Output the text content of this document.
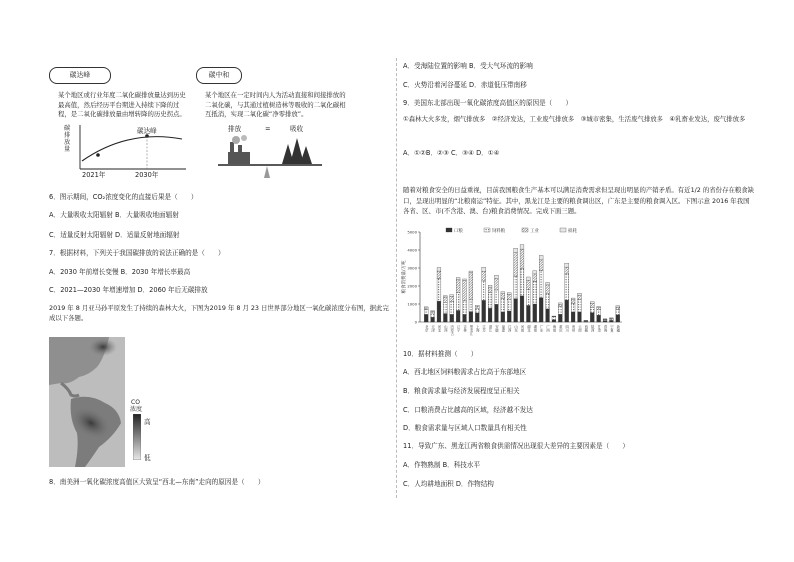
碳达峰	碳中和
某个地区或行业年度二氧化碳排放量达到历史最高值，然后经历平台期进入持续下降的过程，是二氧化碳排放量由增转降的历史拐点。
某个地区在一定时间内人为活动直接和间接排放的二氧化碳，与其通过植树造林等吸收的二氧化碳相互抵消，实现二氧化碳“净零排放”。
碳排放量
碳达峰
2021年	2030年
排放	=	吸收
6．图示期间，CO₂浓度变化的直接后果是（　　）
A．大量吸收太阳辐射 B．大量吸收地面辐射
C．适量反射太阳辐射 D．适量反射地面辐射
7．根据材料，下列关于我国碳排放的说法正确的是（　　）
A．2030 年前增长变慢 B．2030 年增长率最高
C．2021—2030 年增速增加 D．2060 年后无碳排放
2019 年 8 月亚马孙平原发生了持续的森林大火，下图为2019 年 8 月 23 日世界部分地区一氧化碳浓度分布图，据此完成以下各题。
CO
浓度
高
低
8．南美洲一氧化碳浓度高值区大致呈“西北—东南”走向的原因是（　　）
A．受海陆位置的影响 B．受大气环流的影响
C．火势沿着河谷蔓延 D．赤道低压带南移
9．美国东北部出现一氧化碳浓度高值区的原因是（　　）
①森林大火多发，烟气排放多　②经济发达，工业废气排放多　③城市密集，生活废气排放多　④乳畜业发达，废气排放多
A．①②B．②③ C．③④ D．①④
随着对粮食安全的日益重视，目前我国粮食生产基本可以满足消费需求但呈现出明显的产销矛盾。有近1/2 的省份存在粮食缺口，呈现出明显的“北粮南运”特征。其中，黑龙江是主要的粮食调出区，广东是主要的粮食调入区。下图示意 2016 年我国各省、区、市(不含港、澳、台)粮食消费情况。完成下面三题。
0
1000
2000
3000
4000
5000
粮食消费量/万吨
北京 天津 河北 山西 内蒙古 辽宁 吉林 黑龙江 上海 江苏 浙江 安徽 福建 江西 山东 河南 湖北 湖南 广东 广西 海南 重庆 四川 贵州 云南 西藏 陕西 甘肃 青海 宁夏 新疆
口粮	饲料粮	工业	损耗
10．据材料推测（　　）
A．西北地区饲料粮需求占比高于东部地区
B．粮食需求量与经济发展程度呈正相关
C．口粮消费占比越高的区域，经济越不发达
D．粮食需求量与区域人口数量具有相关性
11．导致广东、黑龙江两省粮食供需情况出现很大差异的主要因素是（　　）
A．作物熟制 B．科技水平
C．人均耕地面积 D．作物结构
